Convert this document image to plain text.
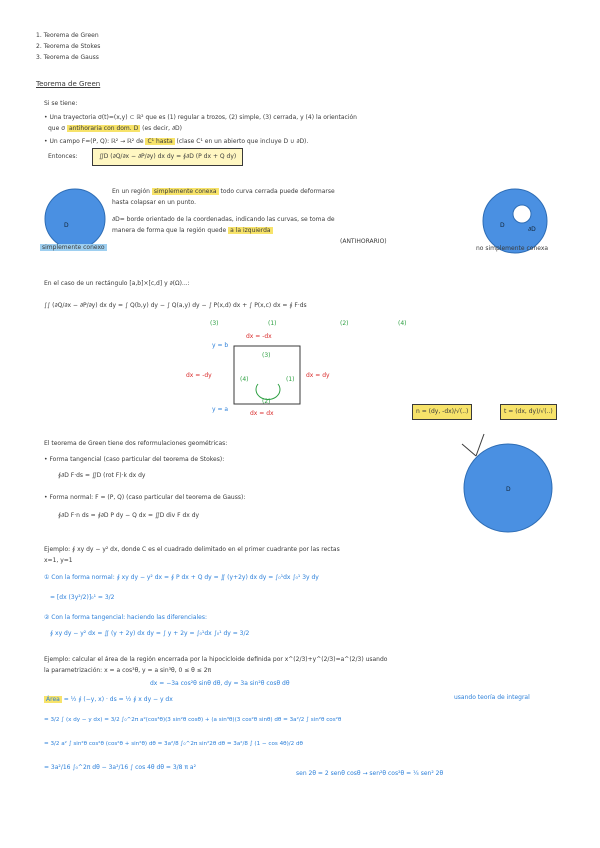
1. Teorema de Green
2. Teorema de Stokes
3. Teorema de Gauss
Teorema de Green
Si se tiene:
• Una trayectoria σ(t)=(x,y) ⊂ ℝ² que es (1) regular a trozos, (2) simple, (3) cerrada, y (4) la orientación
que σ antihoraria con dom. D (es decir, ∂D)
• Un campo F=(P, Q): ℝ² → ℝ² de C¹ hasta (clase C¹ en un abierto que incluye D ∪ ∂D).
Entonces:	∬D (∂Q/∂x − ∂P/∂y) dx dy = ∮∂D (P dx + Q dy)
D
simplemente conexo
En un región simplemente conexa todo curva cerrada puede deformarse
hasta colapsar en un punto.
∂D= borde orientado de la coordenadas, indicando las curvas, se toma de
manera de forma que la región quede a la izquierda
(ANTIHORARIO)
D
∂D
no simplemente conexa
En el caso de un rectángulo [a,b]×[c,d] y ∂(Ω)...:
∫∫ (∂Q/∂x − ∂P/∂y) dx dy = ∫ Q(b,y) dy − ∫ Q(a,y) dy − ∫ P(x,d) dx + ∫ P(x,c) dx = ∮ F·ds
(3)	(1)	(2)	(4)
dx = -dx
dx = -dy	dx = dy
dx = dx
(3)
(4)	(1)
(2)
y = b
y = a	n = (dy, -dx)/√(..)	t = (dx, dy)/√(..)
D
El teorema de Green tiene dos reformulaciones geométricas:
• Forma tangencial (caso particular del teorema de Stokes):
∮∂D F·ds = ∬D (rot F)·k dx dy
• Forma normal: F = (P, Q) (caso particular del teorema de Gauss):
∮∂D F·n ds = ∮∂D P dy − Q dx = ∬D div F dx dy
Ejemplo: ∮ xy dy − y² dx, donde C es el cuadrado delimitado en el primer cuadrante por las rectas
x=1, y=1
① Con la forma normal: ∮ xy dy − y² dx = ∮ P dx + Q dy = ∬ (y+2y) dx dy = ∫₀¹dx ∫₀¹ 3y dy
= [dx (3y²/2)]₀¹ = 3/2
② Con la forma tangencial: haciendo las diferenciales:
∮ xy dy − y² dx = ∬ (y + 2y) dx dy = ∫ y + 2y = ∫₀¹dx ∫₀¹ dy = 3/2
Ejemplo: calcular el área de la región encerrada por la hipocicloide definida por x^(2/3)+y^(2/3)=a^(2/3) usando
la parametrización: x = a cos³θ, y = a sin³θ, 0 ≤ θ ≤ 2π
dx = −3a cos²θ sinθ dθ, dy = 3a sin²θ cosθ dθ
Área = ½ ∮ (−y, x) · ds = ½ ∮ x dy − y dx	usando teoría de integral
= 3/2 ∫ (x dy − y dx) = 3/2 ∫₀^2π a²(cos³θ)(3 sin²θ cosθ) + (a sin³θ)(3 cos²θ sinθ) dθ = 3a²/2 ∫ sin²θ cos²θ
= 3/2 a² ∫ sin²θ cos²θ (cos²θ + sin²θ) dθ = 3a²/8 ∫₀^2π sin²2θ dθ = 3a²/8 ∫ (1 − cos 4θ)/2 dθ
= 3a²/16 ∫₀^2π dθ − 3a²/16 ∫ cos 4θ dθ = 3/8 π a²
sen 2θ = 2 senθ cosθ → sen²θ cos²θ = ¼ sen² 2θ
